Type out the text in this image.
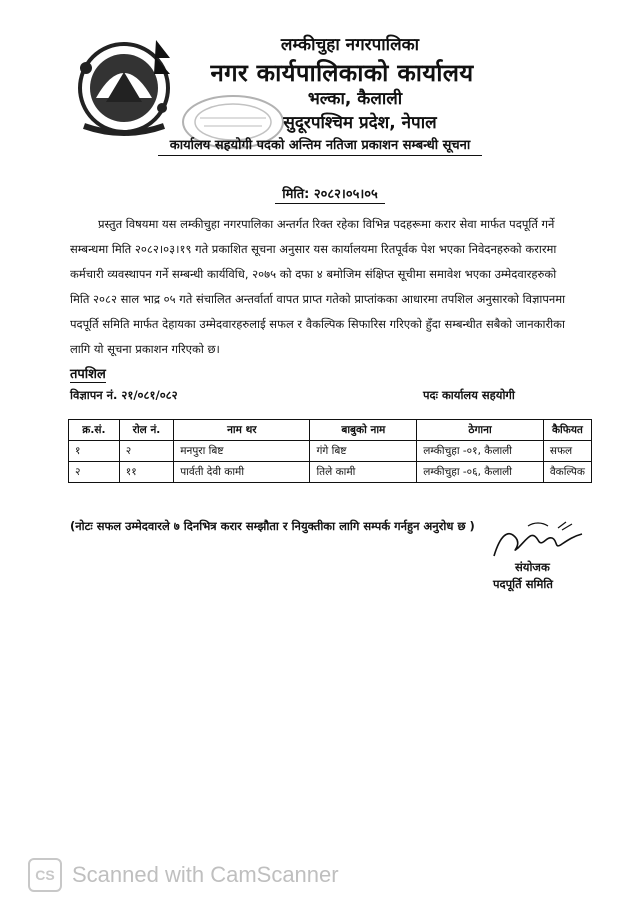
लम्कीचुहा नगरपालिका
नगर कार्यपालिकाको कार्यालय
भल्का, कैलाली
सुदूरपश्चिम प्रदेश, नेपाल
कार्यालय सहयोगी पदको अन्तिम नतिजा प्रकाशन सम्बन्धी सूचना
मिति: २०८२।०५।०५
प्रस्तुत विषयमा यस लम्कीचुहा नगरपालिका अन्तर्गत रिक्त रहेका विभिन्न पदहरूमा करार सेवा मार्फत पदपूर्ति गर्ने
सम्बन्धमा मिति २०८२।०३।१९ गते प्रकाशित सूचना अनुसार यस कार्यालयमा रितपूर्वक पेश भएका निवेदनहरुको करारमा
कर्मचारी व्यवस्थापन गर्ने सम्बन्धी कार्यविधि, २०७५ को दफा ४ बमोजिम संक्षिप्त सूचीमा समावेश भएका उम्मेदवारहरुको
मिति २०८२ साल भाद्र ०५ गते संचालित अन्तर्वार्ता वापत प्राप्त गतेको प्राप्तांकका आधारमा तपशिल अनुसारको विज्ञापनमा
पदपूर्ति समिति मार्फत देहायका उम्मेदवारहरुलाई सफल र वैकल्पिक सिफारिस गरिएको हुँदा सम्बन्धीत सबैको जानकारीका
लागि यो सूचना प्रकाशन गरिएको छ।
तपशिल
विज्ञापन नं. २१/०८१/०८२	पदः कार्यालय सहयोगी
क्र.सं.	रोल नं.	नाम थर	बाबुको नाम	ठेगाना	कैफियत
१	२	मनपुरा बिष्ट	गंगे बिष्ट	लम्कीचुहा -०१, कैलाली	सफल
२	११	पार्वती देवी कामी	तिले कामी	लम्कीचुहा -०६, कैलाली	वैकल्पिक
(नोटः सफल उम्मेदवारले ७ दिनभित्र करार सम्झौता र नियुक्तीका लागि सम्पर्क गर्नहुन अनुरोध छ )
संयोजक
पदपूर्ति समिति
CS Scanned with CamScanner
